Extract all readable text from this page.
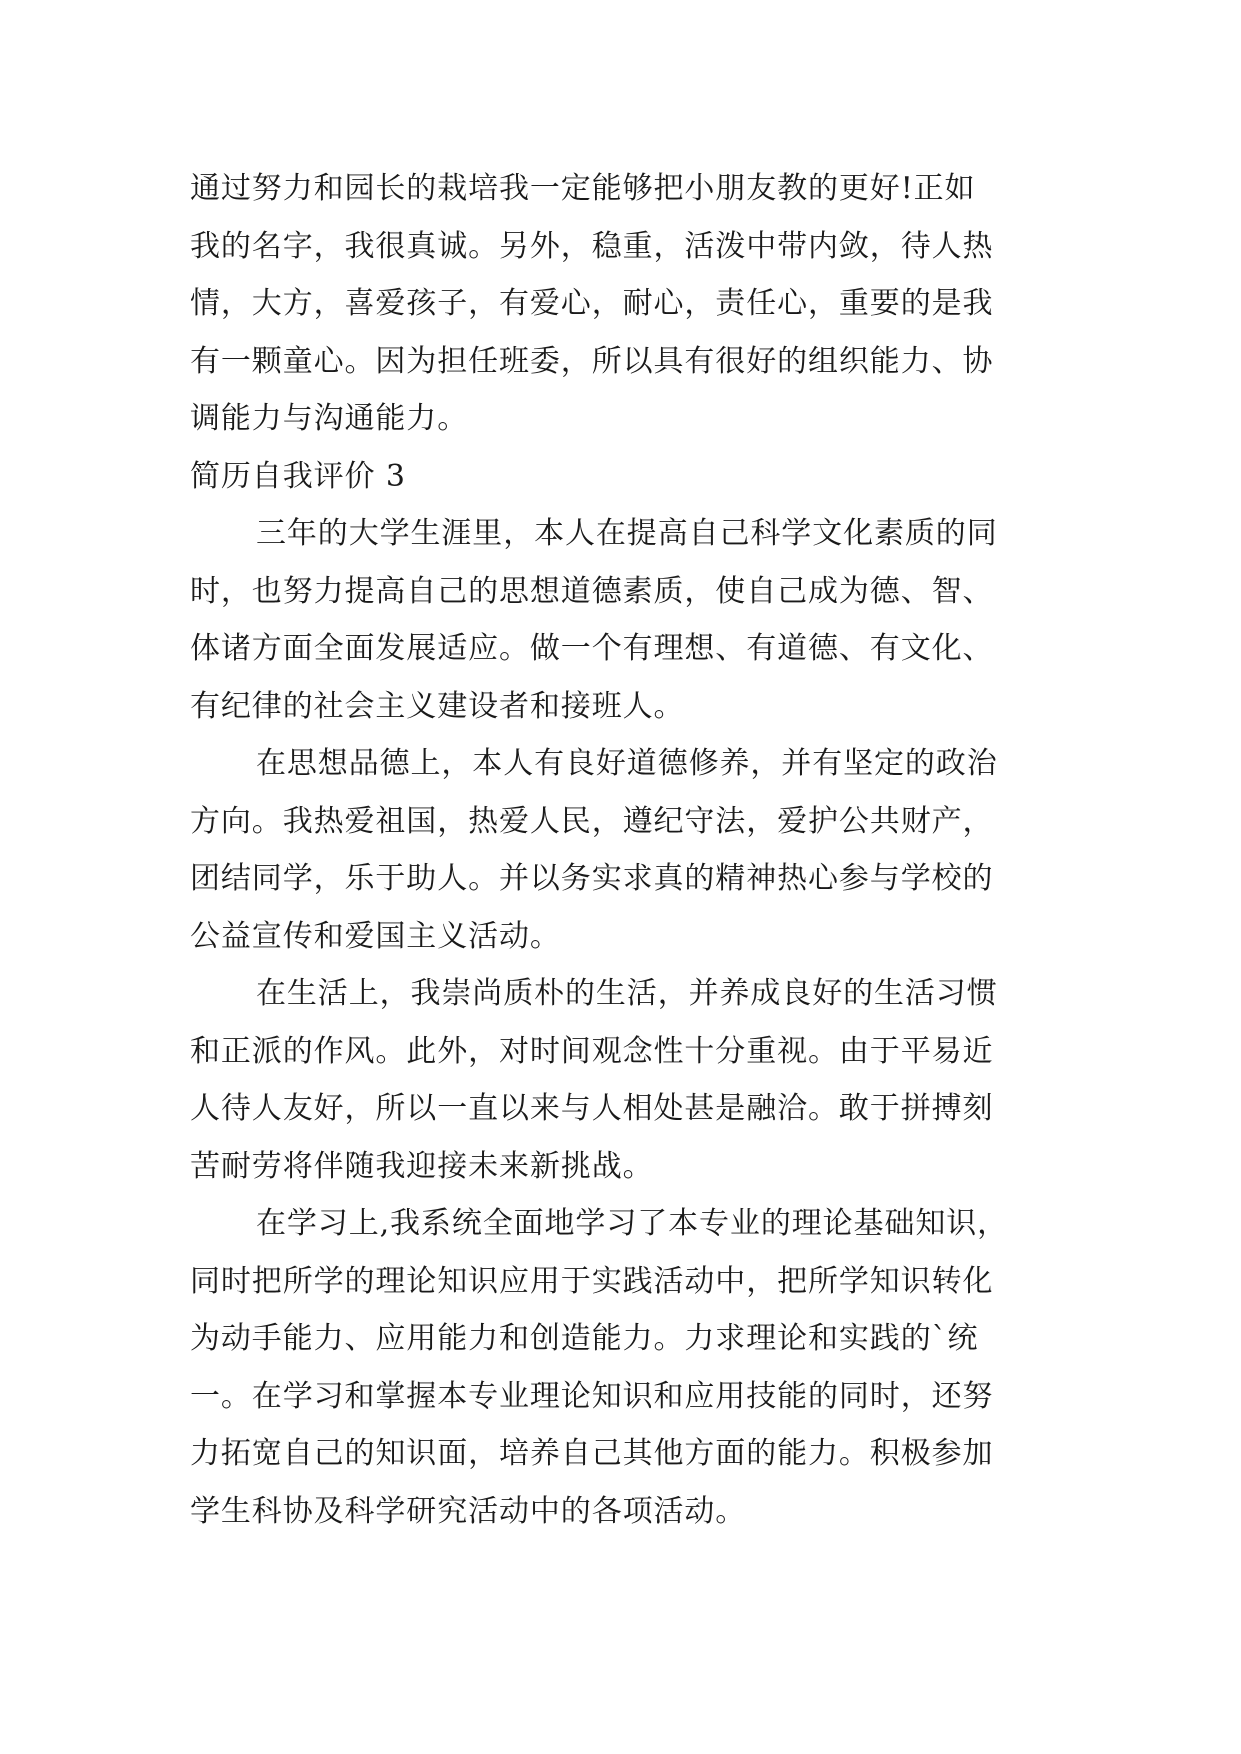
通过努力和园长的栽培我一定能够把小朋友教的更好!正如
我的名字，我很真诚。另外，稳重，活泼中带内敛，待人热
情，大方，喜爱孩子，有爱心，耐心，责任心，重要的是我
有一颗童心。因为担任班委，所以具有很好的组织能力、协
调能力与沟通能力。
简历自我评价 3
三年的大学生涯里，本人在提高自己科学文化素质的同
时，也努力提高自己的思想道德素质，使自己成为德、智、
体诸方面全面发展适应。做一个有理想、有道德、有文化、
有纪律的社会主义建设者和接班人。
在思想品德上，本人有良好道德修养，并有坚定的政治
方向。我热爱祖国，热爱人民，遵纪守法，爱护公共财产，
团结同学，乐于助人。并以务实求真的精神热心参与学校的
公益宣传和爱国主义活动。
在生活上，我崇尚质朴的生活，并养成良好的生活习惯
和正派的作风。此外，对时间观念性十分重视。由于平易近
人待人友好，所以一直以来与人相处甚是融洽。敢于拼搏刻
苦耐劳将伴随我迎接未来新挑战。
在学习上,我系统全面地学习了本专业的理论基础知识，
同时把所学的理论知识应用于实践活动中，把所学知识转化
为动手能力、应用能力和创造能力。力求理论和实践的`统
一。在学习和掌握本专业理论知识和应用技能的同时，还努
力拓宽自己的知识面，培养自己其他方面的能力。积极参加
学生科协及科学研究活动中的各项活动。
